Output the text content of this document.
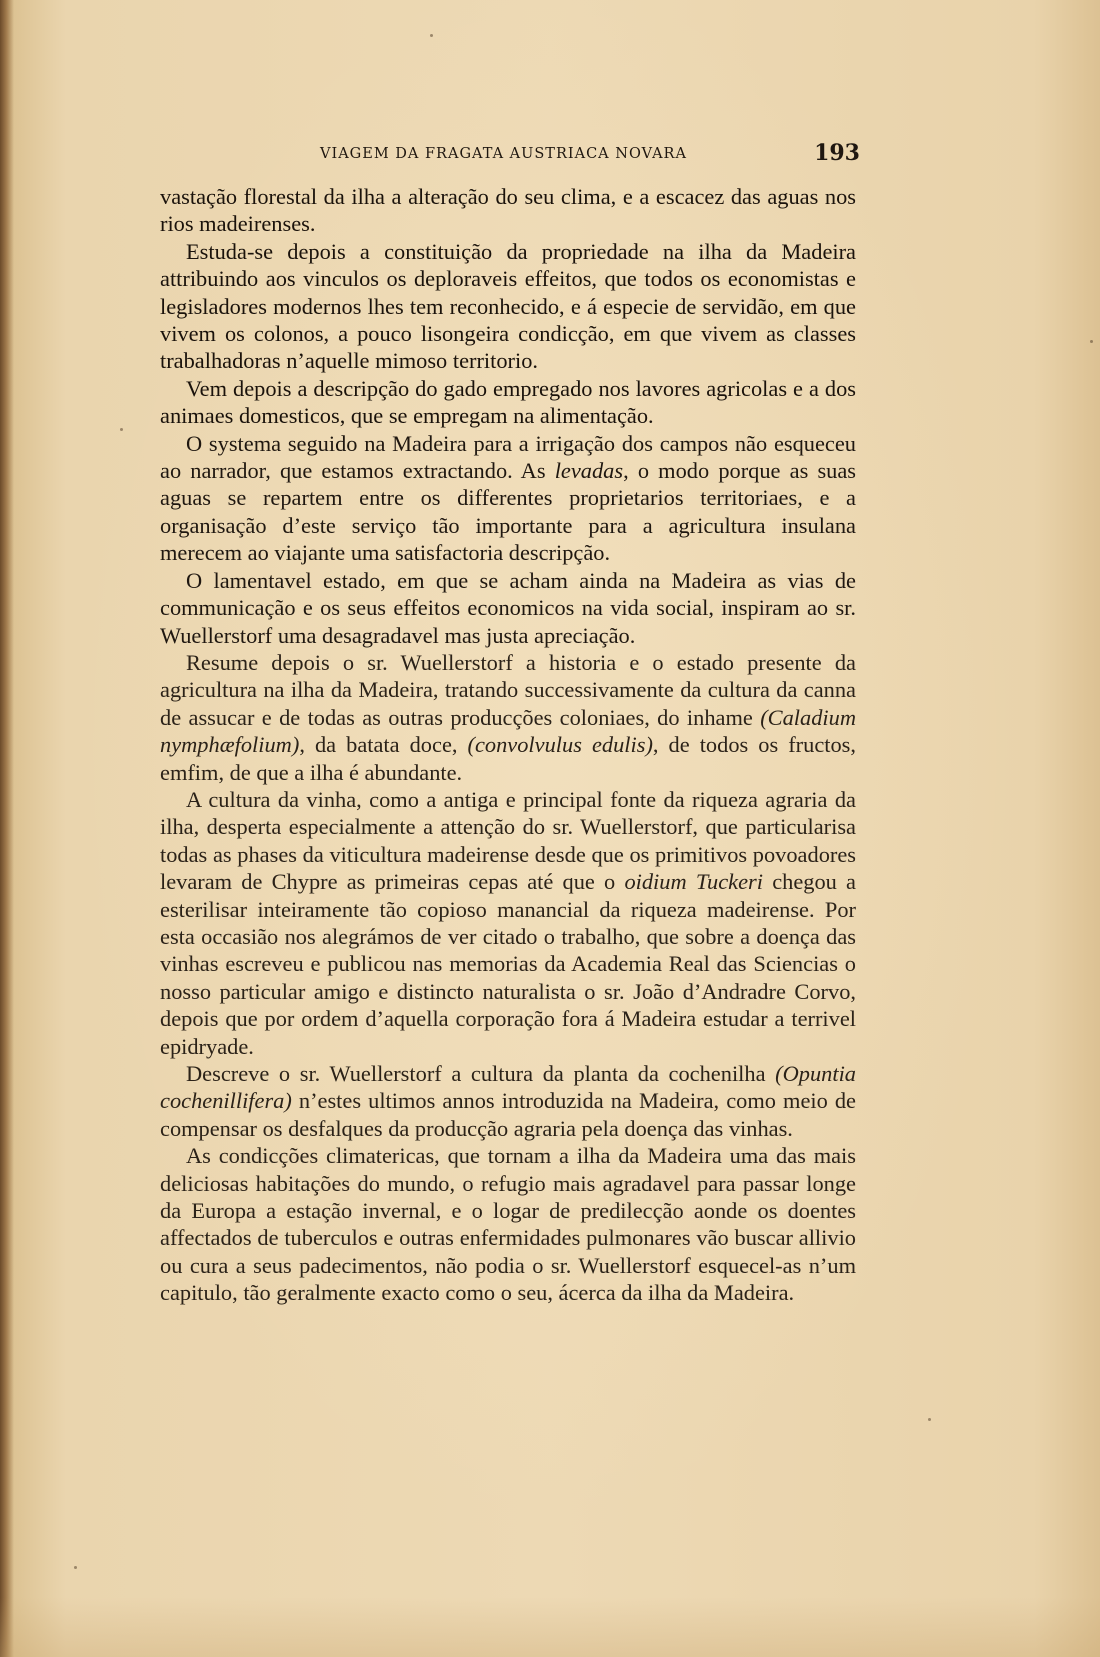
VIAGEM DA FRAGATA AUSTRIACA NOVARA	193

vastação florestal da ilha a alteração do seu clima, e a escacez das aguas nos rios madeirenses.

Estuda-se depois a constituição da propriedade na ilha da Madeira attribuindo aos vinculos os deploraveis effeitos, que todos os economistas e legisladores modernos lhes tem reconhecido, e á especie de servidão, em que vivem os colonos, a pouco lisongeira condicção, em que vivem as classes trabalhadoras n’aquelle mimoso territorio.

Vem depois a descripção do gado empregado nos lavores agricolas e a dos animaes domesticos, que se empregam na alimentação.

O systema seguido na Madeira para a irrigação dos campos não esqueceu ao narrador, que estamos extractando. As levadas, o modo porque as suas aguas se repartem entre os differentes proprietarios territoriaes, e a organisação d’este serviço tão importante para a agricultura insulana merecem ao viajante uma satisfactoria descripção.

O lamentavel estado, em que se acham ainda na Madeira as vias de communicação e os seus effeitos economicos na vida social, inspiram ao sr. Wuellerstorf uma desagradavel mas justa apreciação.

Resume depois o sr. Wuellerstorf a historia e o estado presente da agricultura na ilha da Madeira, tratando successivamente da cultura da canna de assucar e de todas as outras producções coloniaes, do inhame (Caladium nymphæfolium), da batata doce, (convolvulus edulis), de todos os fructos, emfim, de que a ilha é abundante.

A cultura da vinha, como a antiga e principal fonte da riqueza agraria da ilha, desperta especialmente a attenção do sr. Wuellerstorf, que particularisa todas as phases da viticultura madeirense desde que os primitivos povoadores levaram de Chypre as primeiras cepas até que o oidium Tuckeri chegou a esterilisar inteiramente tão copioso manancial da riqueza madeirense. Por esta occasião nos alegrámos de ver citado o trabalho, que sobre a doença das vinhas escreveu e publicou nas memorias da Academia Real das Sciencias o nosso particular amigo e distincto naturalista o sr. João d’Andradre Corvo, depois que por ordem d’aquella corporação fora á Madeira estudar a terrivel epidryade.

Descreve o sr. Wuellerstorf a cultura da planta da cochenilha (Opuntia cochenillifera) n’estes ultimos annos introduzida na Madeira, como meio de compensar os desfalques da producção agraria pela doença das vinhas.

As condicções climatericas, que tornam a ilha da Madeira uma das mais deliciosas habitações do mundo, o refugio mais agradavel para passar longe da Europa a estação invernal, e o logar de predilecção aonde os doentes affectados de tuberculos e outras enfermidades pulmonares vão buscar allivio ou cura a seus padecimentos, não podia o sr. Wuellerstorf esquecel-as n’um capitulo, tão geralmente exacto como o seu, ácerca da ilha da Madeira.
